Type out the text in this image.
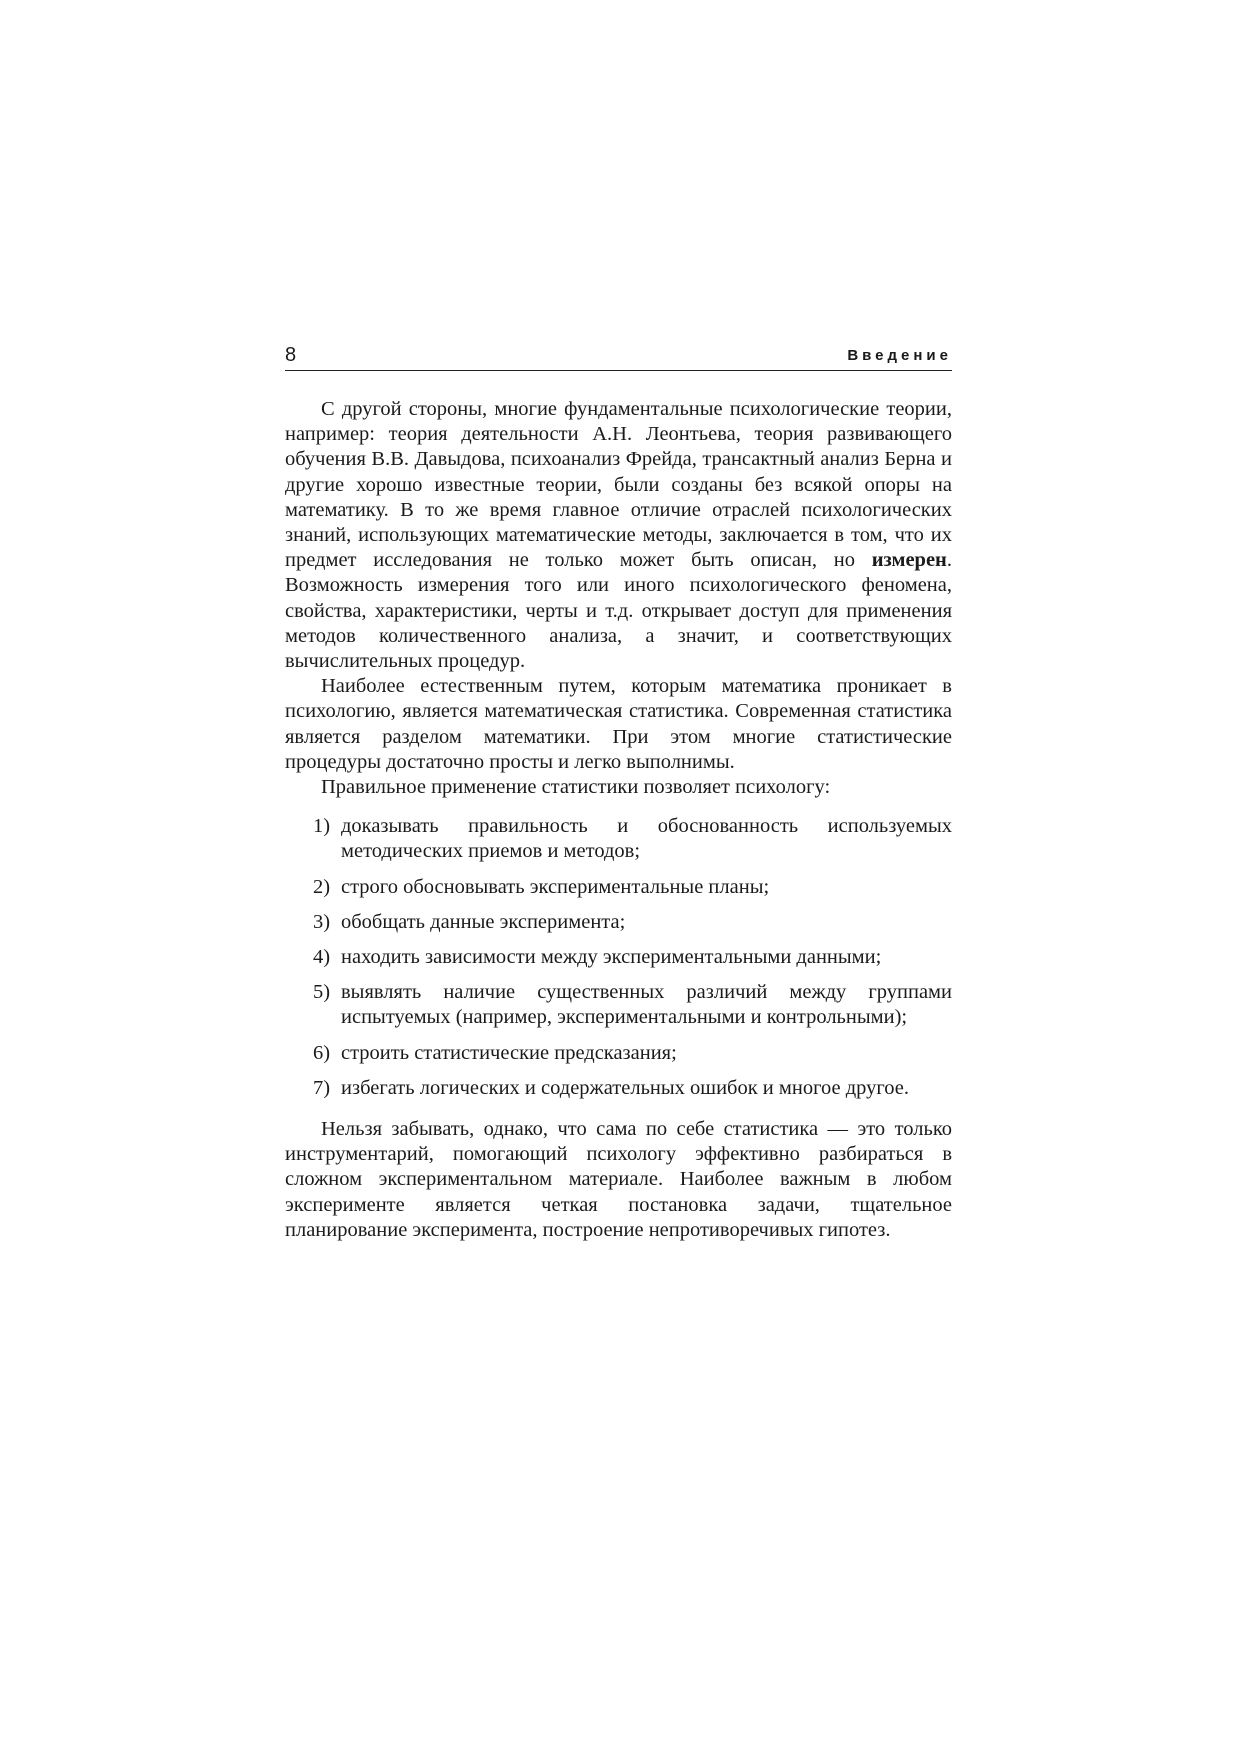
8	Введение

С другой стороны, многие фундаментальные психологические теории, например: теория деятельности А.Н. Леонтьева, теория развивающего обучения В.В. Давыдова, психоанализ Фрейда, трансактный анализ Берна и другие хорошо известные теории, были созданы без всякой опоры на математику. В то же время главное отличие отраслей психологических знаний, использующих математические методы, заключается в том, что их предмет исследования не только может быть описан, но измерен. Возможность измерения того или иного психологического феномена, свойства, характеристики, черты и т.д. открывает доступ для применения методов количественного анализа, а значит, и соответствующих вычислительных процедур.

Наиболее естественным путем, которым математика проникает в психологию, является математическая статистика. Современная статистика является разделом математики. При этом многие статистические процедуры достаточно просты и легко выполнимы.

Правильное применение статистики позволяет психологу:

1) доказывать правильность и обоснованность используемых методических приемов и методов;
2) строго обосновывать экспериментальные планы;
3) обобщать данные эксперимента;
4) находить зависимости между экспериментальными данными;
5) выявлять наличие существенных различий между группами испытуемых (например, экспериментальными и контрольными);
6) строить статистические предсказания;
7) избегать логических и содержательных ошибок и многое другое.

Нельзя забывать, однако, что сама по себе статистика — это только инструментарий, помогающий психологу эффективно разбираться в сложном экспериментальном материале. Наиболее важным в любом эксперименте является четкая постановка задачи, тщательное планирование эксперимента, построение непротиворечивых гипотез.
